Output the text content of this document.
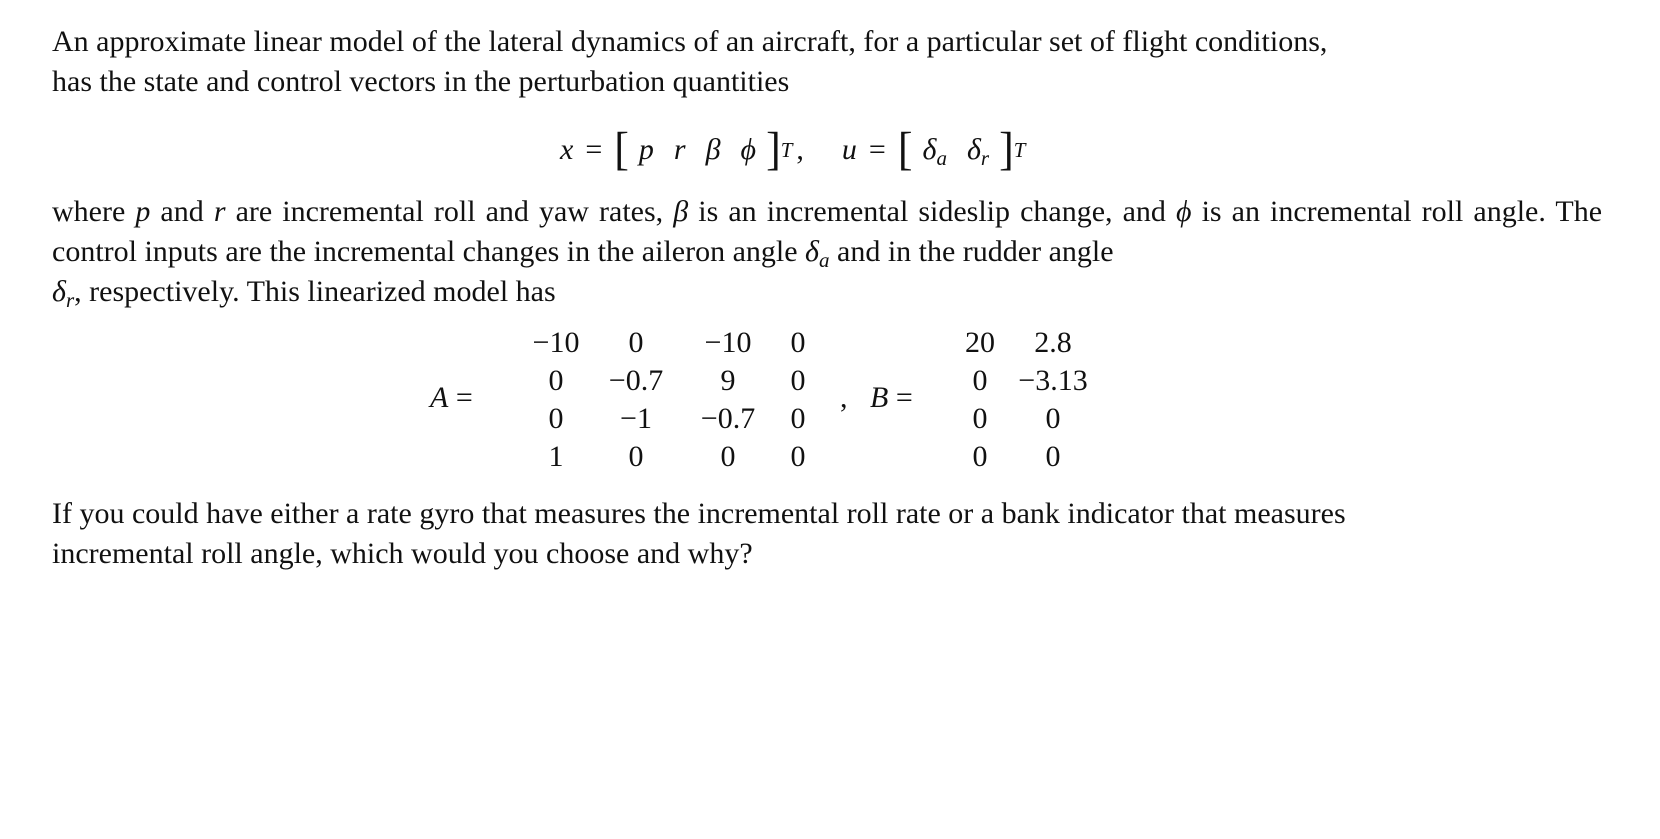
An approximate linear model of the lateral dynamics of an aircraft, for a particular set of flight conditions,
has the state and control vectors in the perturbation quantities

x = [ p r β ϕ ] T , u = [ $\delta_a$ $\delta_r$ ] T

where p and r are incremental roll and yaw rates, β is an incremental sideslip change, and ϕ is an incremental roll angle. The control inputs are the incremental changes in the aileron angle $\delta_a$ and in the rudder angle
$\delta_r$, respectively. This linearized model has

A =
−10	0	−10	0
0	−0.7	9	0
0	−1	−0.7	0
1	0	0	0
, B =
20	2.8
0	−3.13
0	0
0	0

If you could have either a rate gyro that measures the incremental roll rate or a bank indicator that measures
incremental roll angle, which would you choose and why?
